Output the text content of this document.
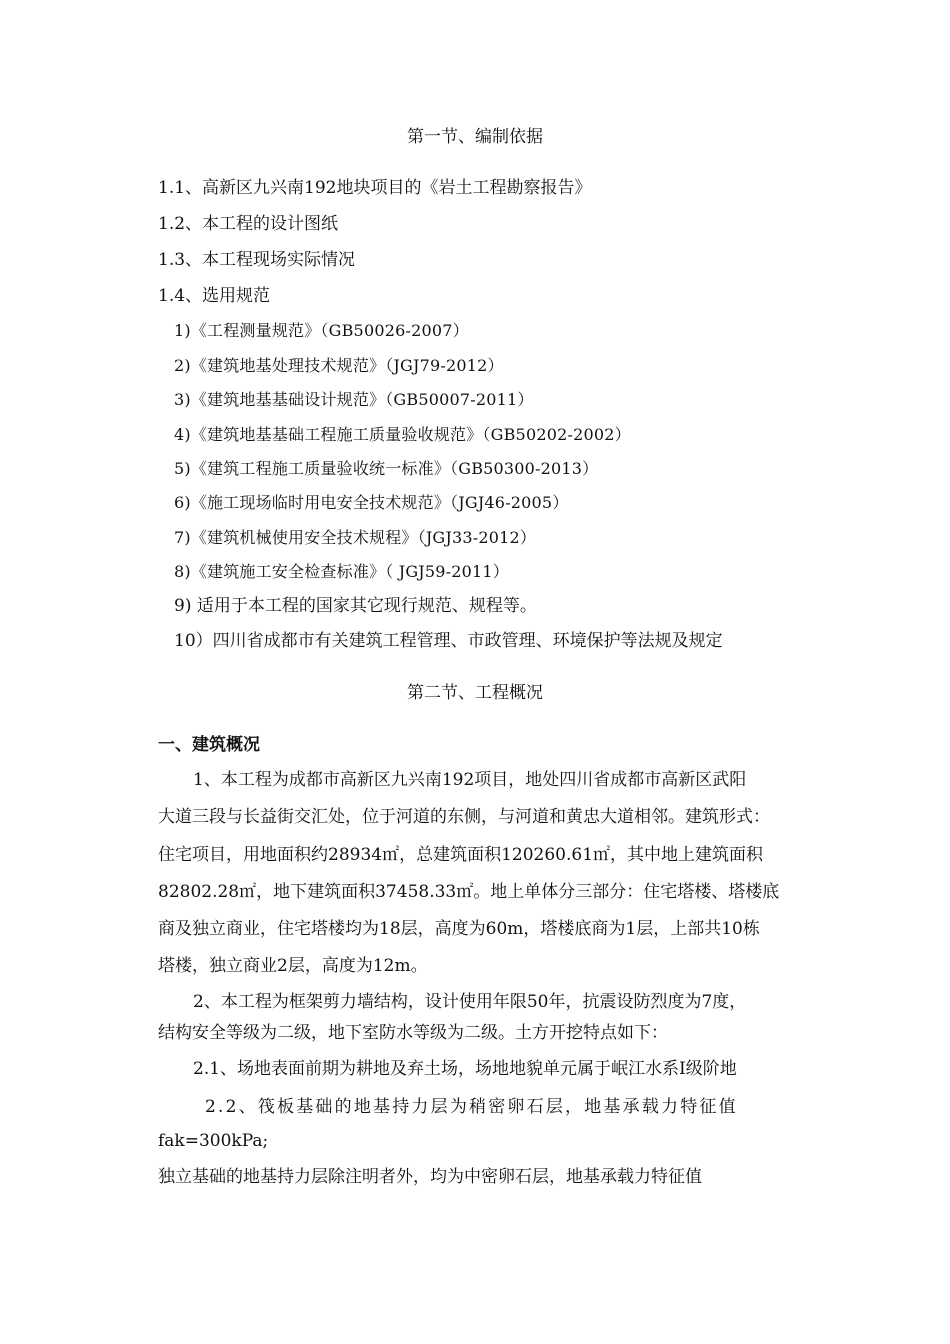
第一节、编制依据
1.1、高新区九兴南192地块项目的《岩土工程勘察报告》
1.2、本工程的设计图纸
1.3、本工程现场实际情况
1.4、选用规范
1)《工程测量规范》（GB50026-2007）
2)《建筑地基处理技术规范》（JGJ79-2012）
3)《建筑地基基础设计规范》（GB50007-2011）
4)《建筑地基基础工程施工质量验收规范》（GB50202-2002）
5)《建筑工程施工质量验收统一标准》（GB50300-2013）
6)《施工现场临时用电安全技术规范》（JGJ46-2005）
7)《建筑机械使用安全技术规程》（JGJ33-2012）
8)《建筑施工安全检查标准》（ JGJ59-2011）
9) 适用于本工程的国家其它现行规范、规程等。
10）四川省成都市有关建筑工程管理、市政管理、环境保护等法规及规定
第二节、工程概况
一、建筑概况
1、本工程为成都市高新区九兴南192项目，地处四川省成都市高新区武阳
大道三段与长益街交汇处，位于河道的东侧，与河道和黄忠大道相邻。建筑形式：
住宅项目，用地面积约28934㎡，总建筑面积120260.61㎡，其中地上建筑面积
82802.28㎡，地下建筑面积37458.33㎡。地上单体分三部分：住宅塔楼、塔楼底
商及独立商业，住宅塔楼均为18层，高度为60m，塔楼底商为1层，上部共10栋
塔楼，独立商业2层，高度为12m。
2、本工程为框架剪力墙结构，设计使用年限50年，抗震设防烈度为7度，
结构安全等级为二级，地下室防水等级为二级。土方开挖特点如下：
2.1、场地表面前期为耕地及弃土场，场地地貌单元属于岷江水系Ⅰ级阶地
2.2、筏板基础的地基持力层为稍密卵石层，地基承载力特征值
fak=300kPa;
独立基础的地基持力层除注明者外，均为中密卵石层，地基承载力特征值
